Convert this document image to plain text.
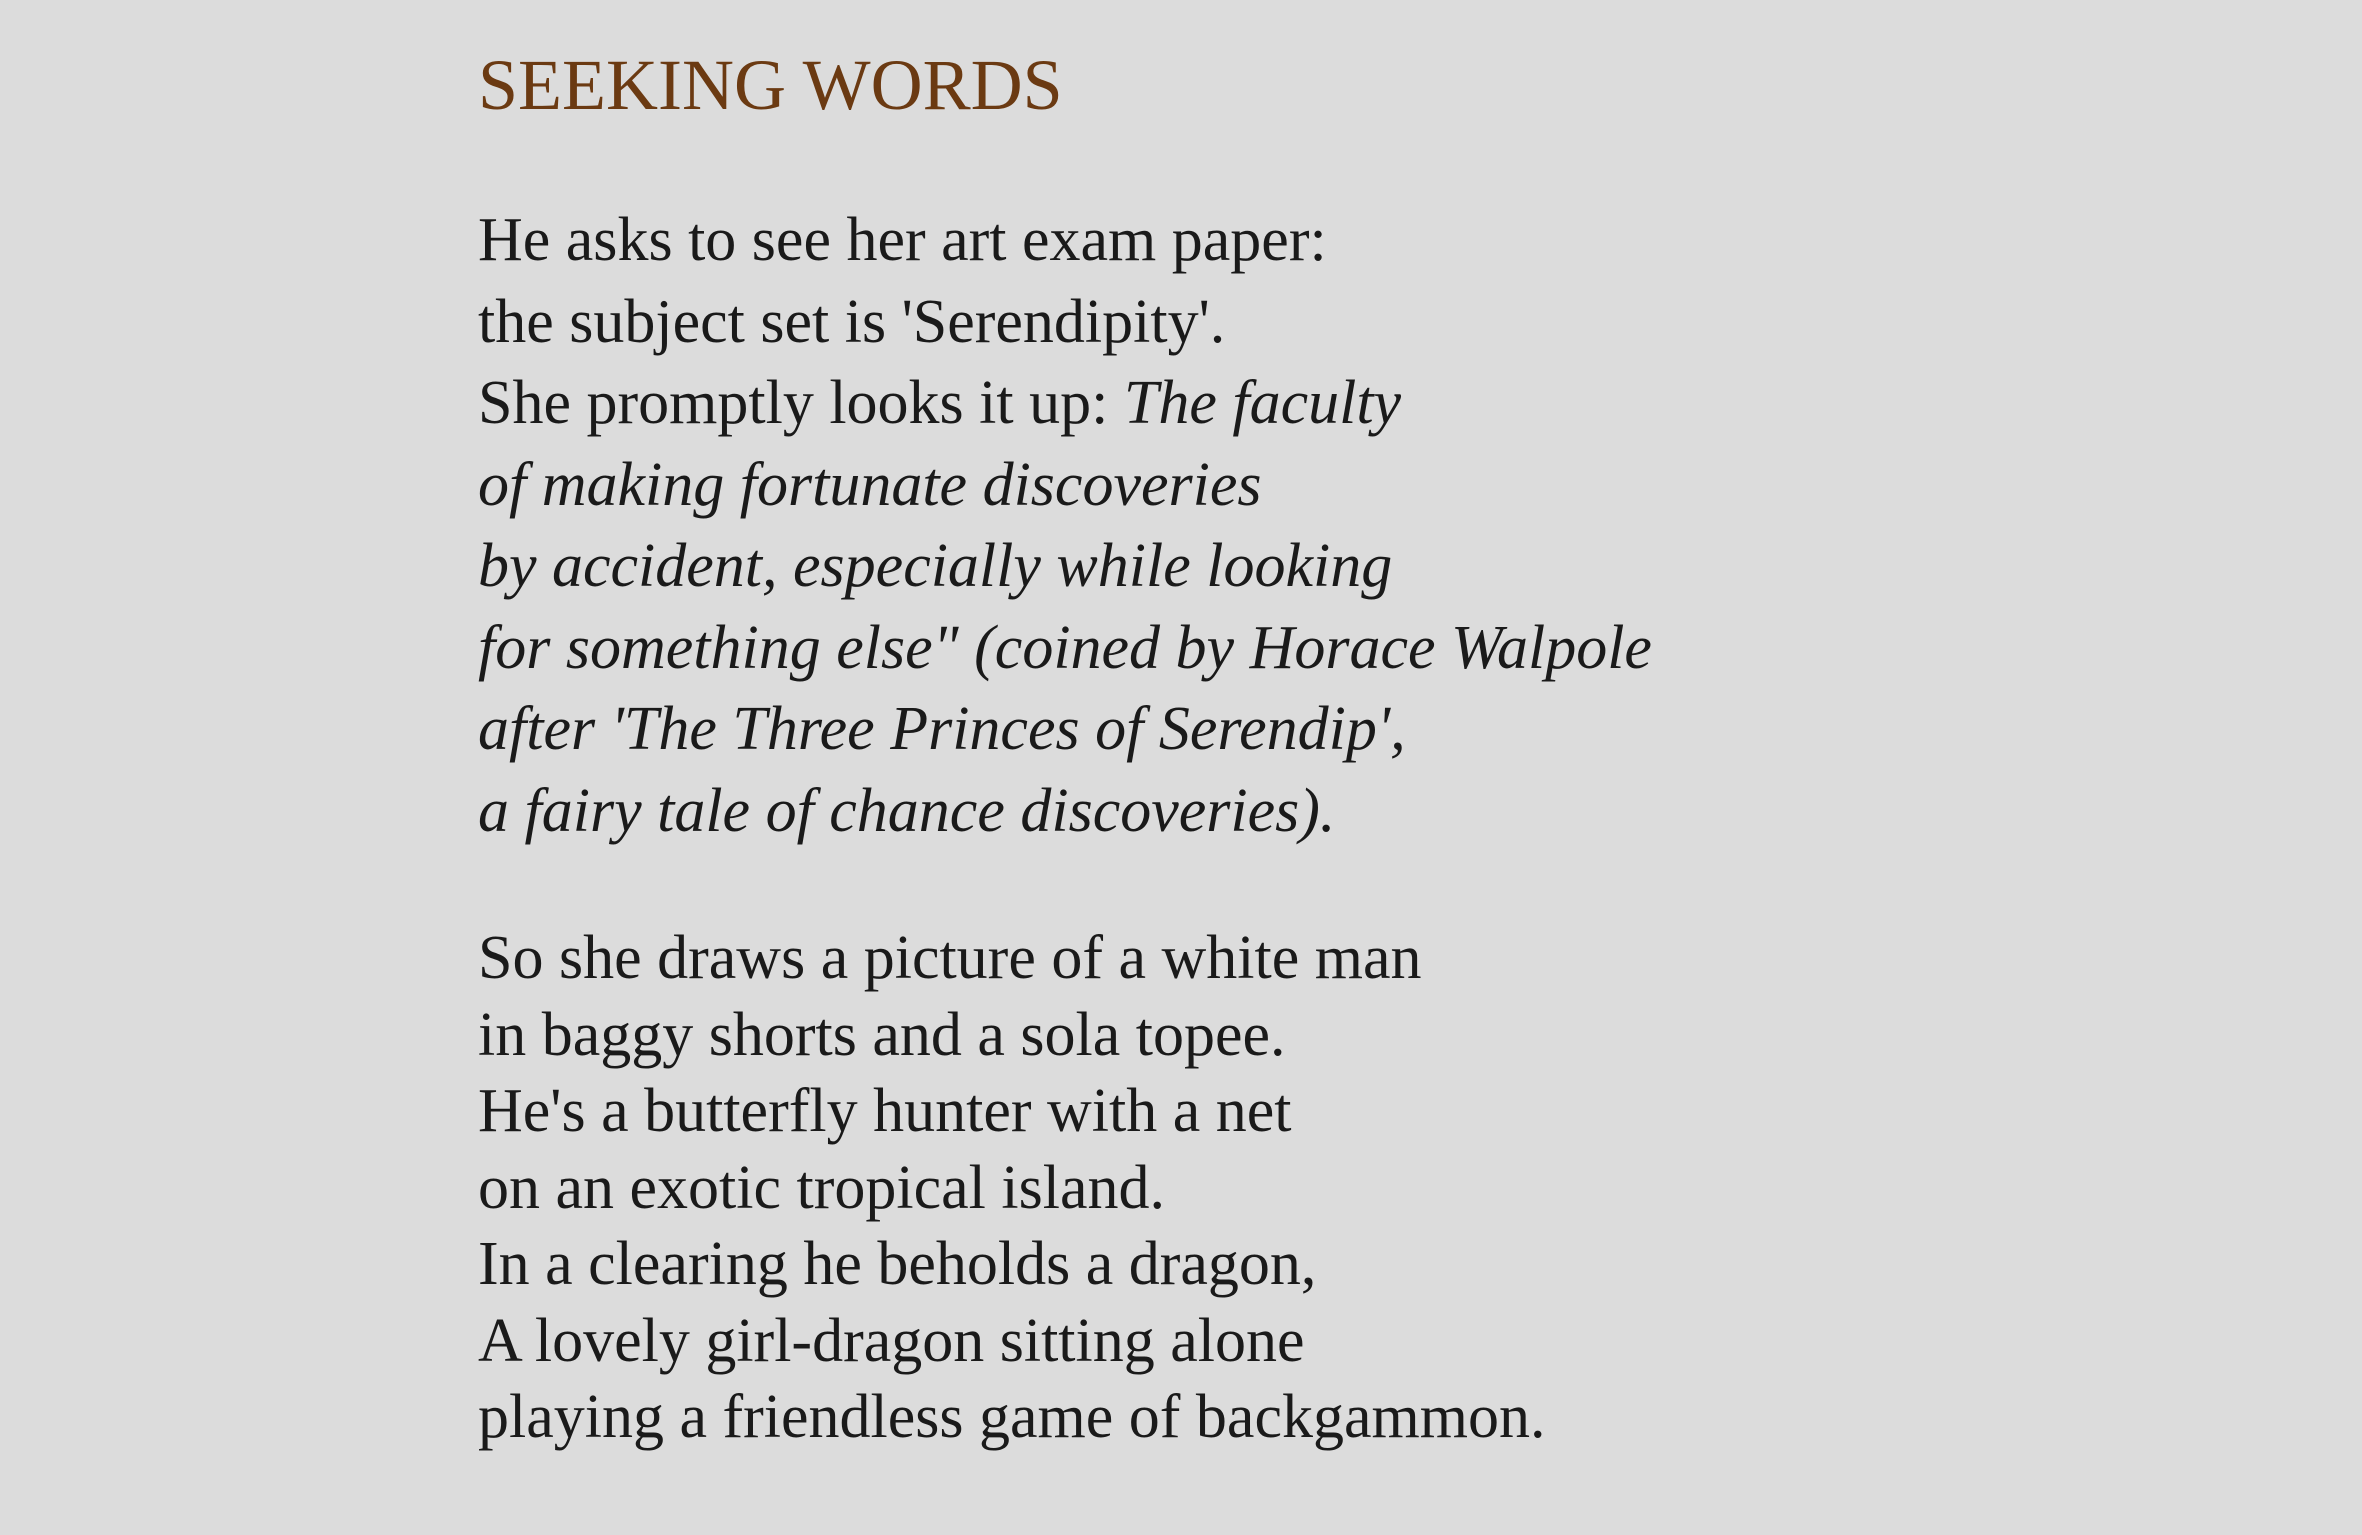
SEEKING WORDS
He asks to see her art exam paper:
the subject set is 'Serendipity'.
She promptly looks it up: The faculty
of making fortunate discoveries
by accident, especially while looking
for something else" (coined by Horace Walpole
after 'The Three Princes of Serendip',
a fairy tale of chance discoveries).
So she draws a picture of a white man
in baggy shorts and a sola topee.
He's a butterfly hunter with a net
on an exotic tropical island.
In a clearing he beholds a dragon,
A lovely girl-dragon sitting alone
playing a friendless game of backgammon.
